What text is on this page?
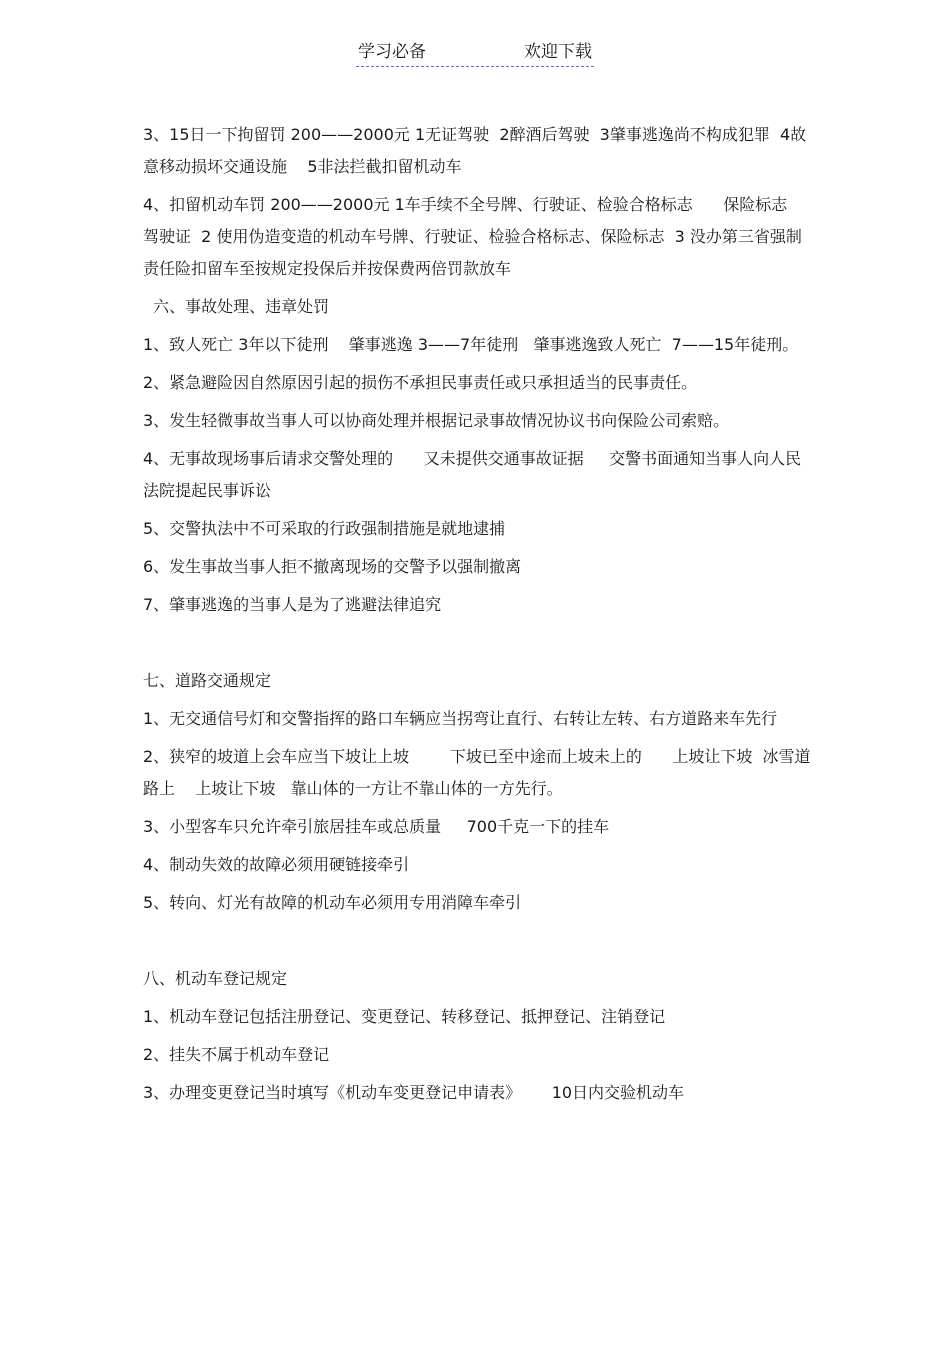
学习必备	欢迎下载

3、15日一下拘留罚 200——2000元 1无证驾驶  2醉酒后驾驶  3肇事逃逸尚不构成犯罪  4故意移动损坏交通设施    5非法拦截扣留机动车

4、扣留机动车罚 200——2000元 1车手续不全号牌、行驶证、检验合格标志      保险标志   驾驶证  2 使用伪造变造的机动车号牌、行驶证、检验合格标志、保险标志  3 没办第三省强制责任险扣留车至按规定投保后并按保费两倍罚款放车

六、事故处理、违章处罚

1、致人死亡 3年以下徒刑    肇事逃逸 3——7年徒刑   肇事逃逸致人死亡  7——15年徒刑。

2、紧急避险因自然原因引起的损伤不承担民事责任或只承担适当的民事责任。

3、发生轻微事故当事人可以协商处理并根据记录事故情况协议书向保险公司索赔。

4、无事故现场事后请求交警处理的      又未提供交通事故证据     交警书面通知当事人向人民法院提起民事诉讼

5、交警执法中不可采取的行政强制措施是就地逮捕

6、发生事故当事人拒不撤离现场的交警予以强制撤离

7、肇事逃逸的当事人是为了逃避法律追究

七、道路交通规定

1、无交通信号灯和交警指挥的路口车辆应当拐弯让直行、右转让左转、右方道路来车先行

2、狭窄的坡道上会车应当下坡让上坡        下坡已至中途而上坡未上的      上坡让下坡  冰雪道路上    上坡让下坡   靠山体的一方让不靠山体的一方先行。

3、小型客车只允许牵引旅居挂车或总质量     700千克一下的挂车

4、制动失效的故障必须用硬链接牵引

5、转向、灯光有故障的机动车必须用专用消障车牵引

八、机动车登记规定

1、机动车登记包括注册登记、变更登记、转移登记、抵押登记、注销登记

2、挂失不属于机动车登记

3、办理变更登记当时填写《机动车变更登记申请表》      10日内交验机动车
